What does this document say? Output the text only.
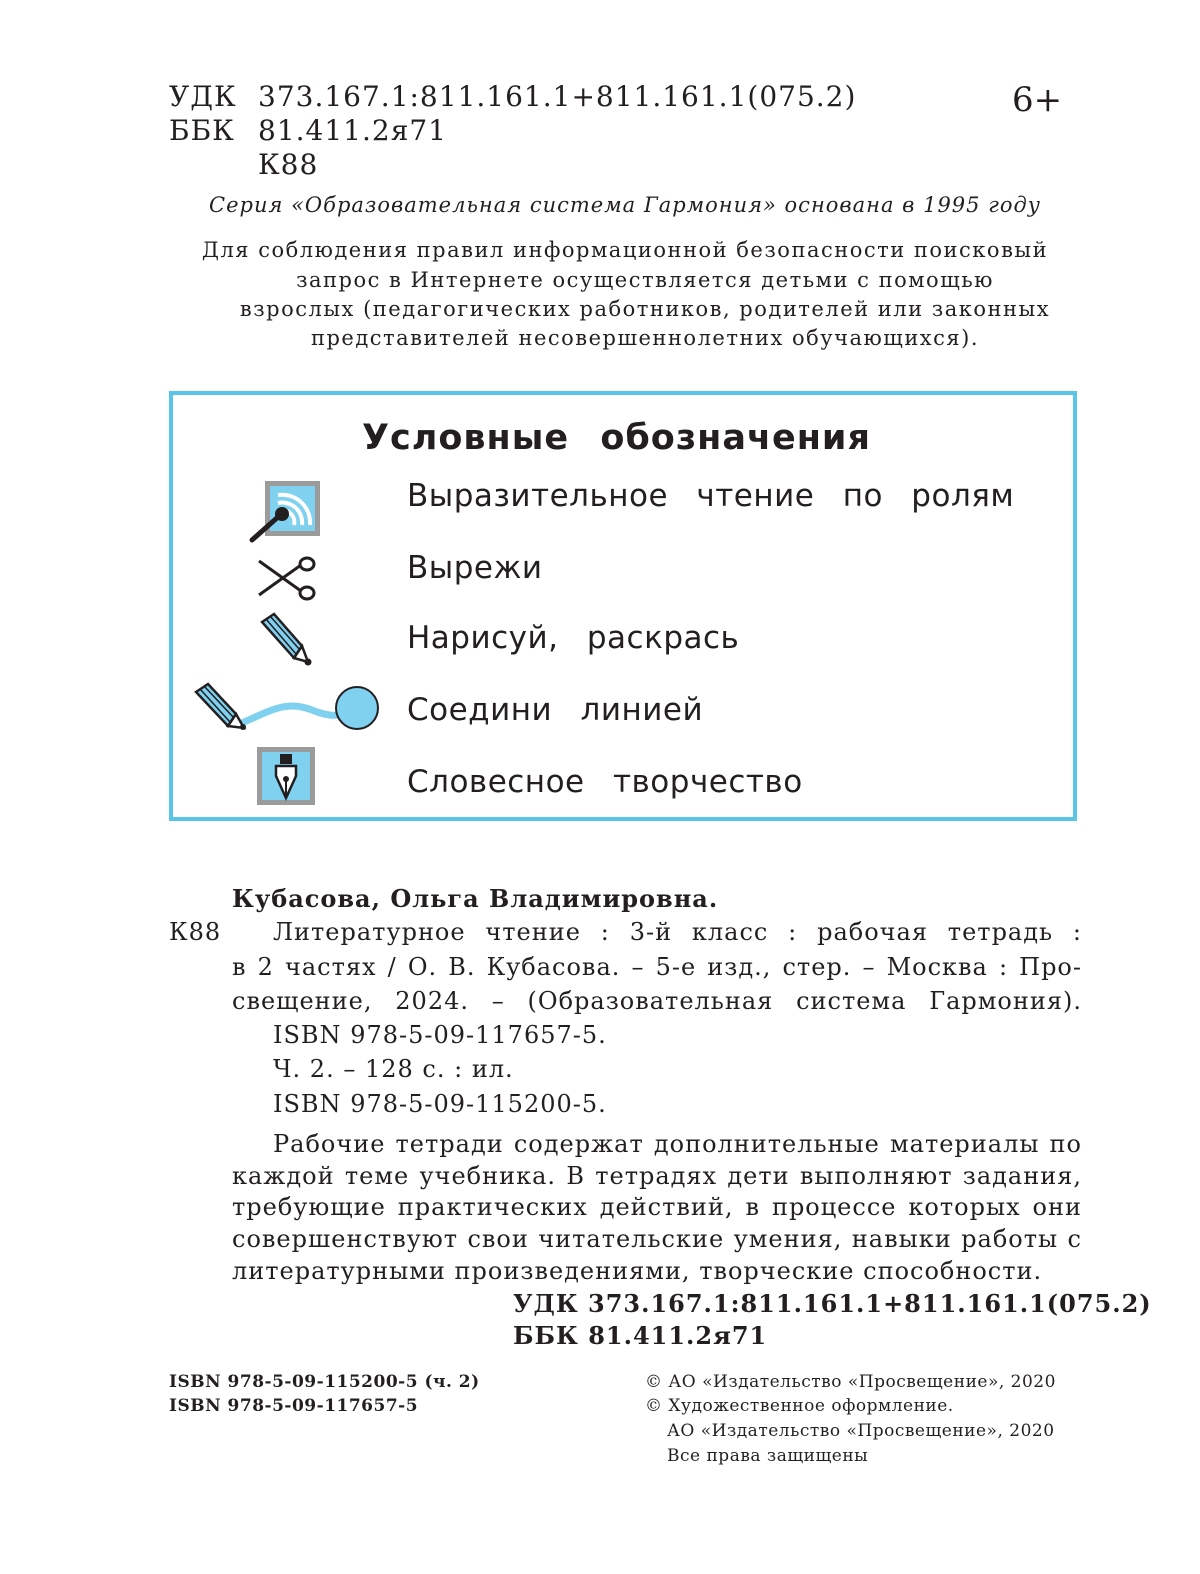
УДК 373.167.1:811.161.1+811.161.1(075.2)
ББК 81.411.2я71
К88
6+
Серия «Образовательная система Гармония» основана в 1995 году
Для соблюдения правил информационной безопасности поисковый
запрос в Интернете осуществляется детьми с помощью
взрослых (педагогических работников, родителей или законных
представителей несовершеннолетних обучающихся).
Условные обозначения
Выразительное чтение по ролям
Вырежи
Нарисуй, раскрась
Соедини линией
Словесное творчество
Кубасова, Ольга Владимировна.
К88 Литературное чтение : 3-й класс : рабочая тетрадь :
в 2 частях / О. В. Кубасова. – 5-е изд., стер. – Москва : Про-
свещение, 2024. – (Образовательная система Гармония).
ISBN 978-5-09-117657-5.
Ч. 2. – 128 с. : ил.
ISBN 978-5-09-115200-5.
Рабочие тетради содержат дополнительные материалы по
каждой теме учебника. В тетрадях дети выполняют задания,
требующие практических действий, в процессе которых они
совершенствуют свои читательские умения, навыки работы с
литературными произведениями, творческие способности.
УДК 373.167.1:811.161.1+811.161.1(075.2)
ББК 81.411.2я71
ISBN 978-5-09-115200-5 (ч. 2)
ISBN 978-5-09-117657-5
© АО «Издательство «Просвещение», 2020
© Художественное оформление.
АО «Издательство «Просвещение», 2020
Все права защищены
